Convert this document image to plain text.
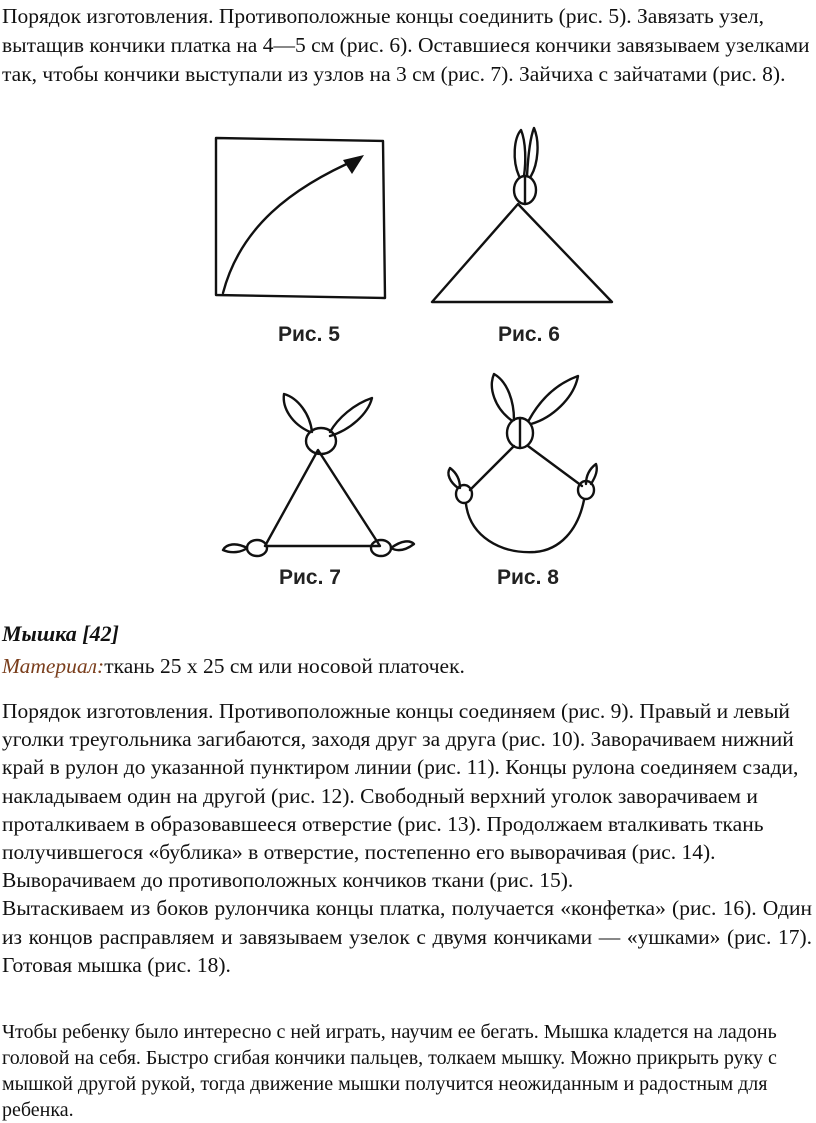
Порядок изготовления. Противоположные концы соединить (рис. 5). Завязать узел, вытащив кончики платка на 4—5 см (рис. 6). Оставшиеся кончики завязываем узелками так, чтобы кончики выступали из узлов на 3 см (рис. 7). Зайчиха с зайчатами (рис. 8).

Рис. 5	Рис. 6
Рис. 7	Рис. 8
Мышка [42]
Материал:ткань 25 х 25 см или носовой платочек.
Порядок изготовления. Противоположные концы соединяем (рис. 9). Правый и левый уголки треугольника загибаются, заходя друг за друга (рис. 10). Заворачиваем нижний край в рулон до указанной пунктиром линии (рис. 11). Концы рулона соединяем сзади, накладываем один на другой (рис. 12). Свободный верхний уголок заворачиваем и проталкиваем в образовавшееся отверстие (рис. 13). Продолжаем вталкивать ткань получившегося «бублика» в отверстие, постепенно его выворачивая (рис. 14). Выворачиваем до противоположных кончиков ткани (рис. 15).
Вытаскиваем из боков рулончика концы платка, получается «конфетка» (рис. 16). Один из концов расправляем и завязываем узелок с двумя кончиками — «ушками» (рис. 17). Готовая мышка (рис. 18).

Чтобы ребенку было интересно с ней играть, научим ее бегать. Мышка кладется на ладонь головой на себя. Быстро сгибая кончики пальцев, толкаем мышку. Можно прикрыть руку с мышкой другой рукой, тогда движение мышки получится неожиданным и радостным для ребенка.
